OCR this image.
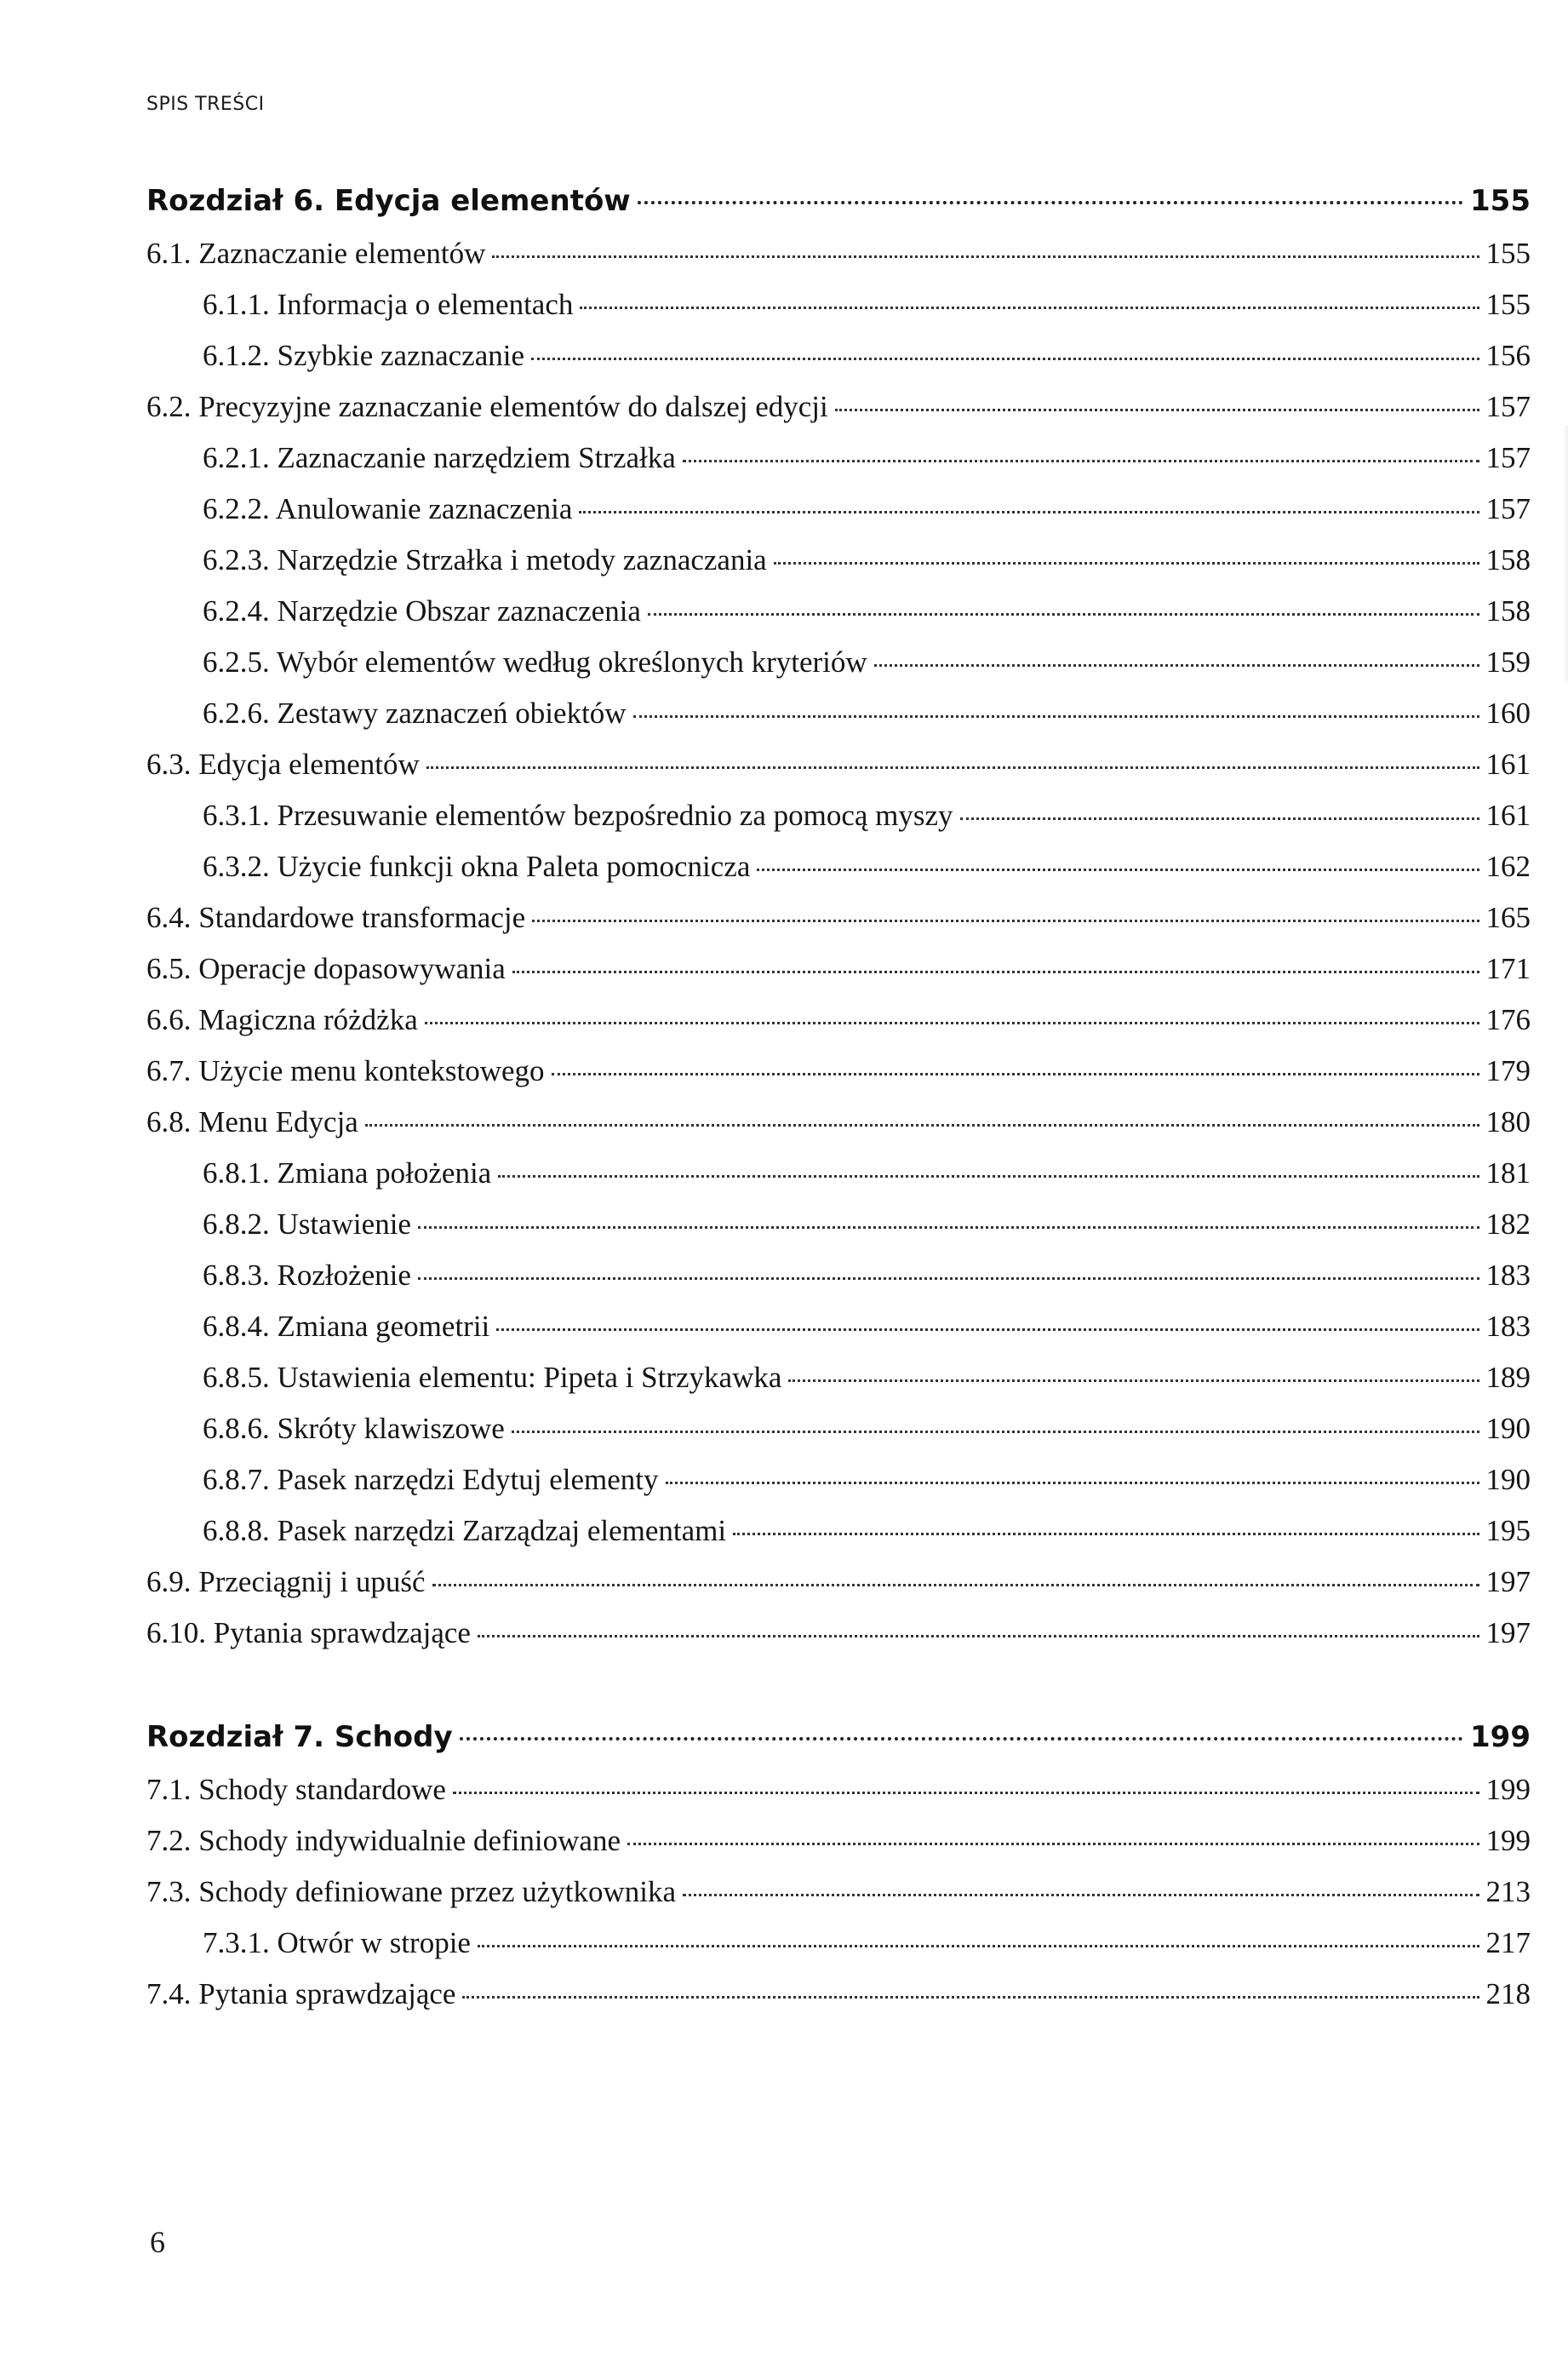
SPIS TREŚCI
Rozdział 6. Edycja elementów	155
6.1. Zaznaczanie elementów	155
6.1.1. Informacja o elementach	155
6.1.2. Szybkie zaznaczanie	156
6.2. Precyzyjne zaznaczanie elementów do dalszej edycji	157
6.2.1. Zaznaczanie narzędziem Strzałka	157
6.2.2. Anulowanie zaznaczenia	157
6.2.3. Narzędzie Strzałka i metody zaznaczania	158
6.2.4. Narzędzie Obszar zaznaczenia	158
6.2.5. Wybór elementów według określonych kryteriów	159
6.2.6. Zestawy zaznaczeń obiektów	160
6.3. Edycja elementów	161
6.3.1. Przesuwanie elementów bezpośrednio za pomocą myszy	161
6.3.2. Użycie funkcji okna Paleta pomocnicza	162
6.4. Standardowe transformacje	165
6.5. Operacje dopasowywania	171
6.6. Magiczna różdżka	176
6.7. Użycie menu kontekstowego	179
6.8. Menu Edycja	180
6.8.1. Zmiana położenia	181
6.8.2. Ustawienie	182
6.8.3. Rozłożenie	183
6.8.4. Zmiana geometrii	183
6.8.5. Ustawienia elementu: Pipeta i Strzykawka	189
6.8.6. Skróty klawiszowe	190
6.8.7. Pasek narzędzi Edytuj elementy	190
6.8.8. Pasek narzędzi Zarządzaj elementami	195
6.9. Przeciągnij i upuść	197
6.10. Pytania sprawdzające	197
Rozdział 7. Schody	199
7.1. Schody standardowe	199
7.2. Schody indywidualnie definiowane	199
7.3. Schody definiowane przez użytkownika	213
7.3.1. Otwór w stropie	217
7.4. Pytania sprawdzające	218
6
